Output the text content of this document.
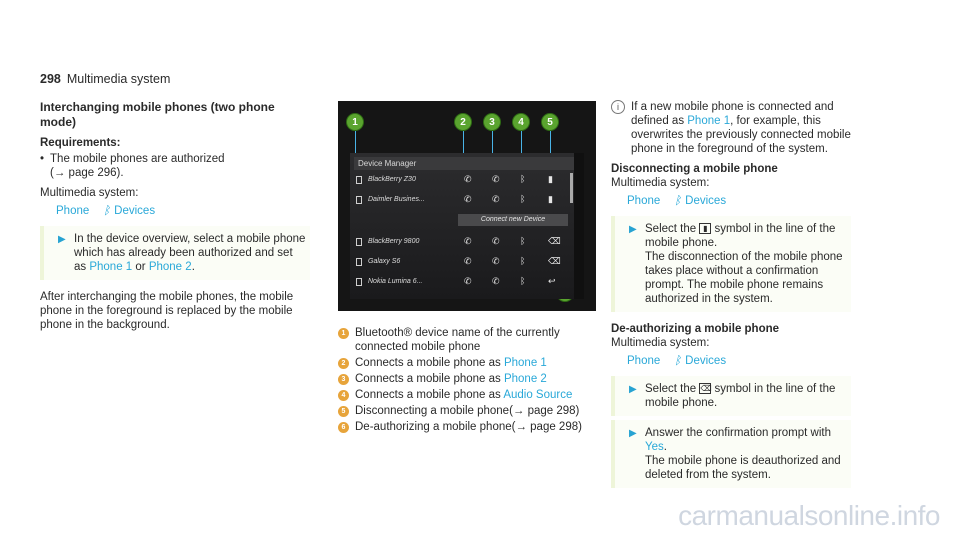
298 Multimedia system

Interchanging mobile phones (two phone mode)

Requirements:

• The mobile phones are authorized
(→ page 296).

Multimedia system:

Phone ᛒ Devices
▶ In the device overview, select a mobile phone which has already been authorized and set as Phone 1 or Phone 2.

After interchanging the mobile phones, the mobile phone in the foreground is replaced by the mobile phone in the background.

1	2	3	4	5
Device Manager
BlackBerry Z30	✆ ✆ ᛒ	▮
Daimler Busines...	✆ ✆ ᛒ	▮
Connect new Device
BlackBerry 9800	✆ ✆ ᛒ	⌫
Galaxy S6	✆ ✆ ᛒ	⌫
Nokia Lumina 6...	✆ ✆ ᛒ	↩
1 Bluetooth® device name of the currently connected mobile phone
2 Connects a mobile phone as Phone 1
3 Connects a mobile phone as Phone 2
4 Connects a mobile phone as Audio Source
5 Disconnecting a mobile phone(→ page 298)
6 De-authorizing a mobile phone(→ page 298)
i	If a new mobile phone is connected and defined as Phone 1, for example, this overwrites the previously connected mobile phone in the foreground of the system.

Disconnecting a mobile phone

Multimedia system:

Phone ᛒ Devices
▶ Select the ▮ symbol in the line of the mobile phone.
The disconnection of the mobile phone takes place without a confirmation prompt. The mobile phone remains authorized in the system.

De-authorizing a mobile phone

Multimedia system:

Phone ᛒ Devices
▶ Select the ⌫ symbol in the line of the mobile phone.
▶ Answer the confirmation prompt with Yes.
The mobile phone is deauthorized and deleted from the system.
carmanualsonline.info
